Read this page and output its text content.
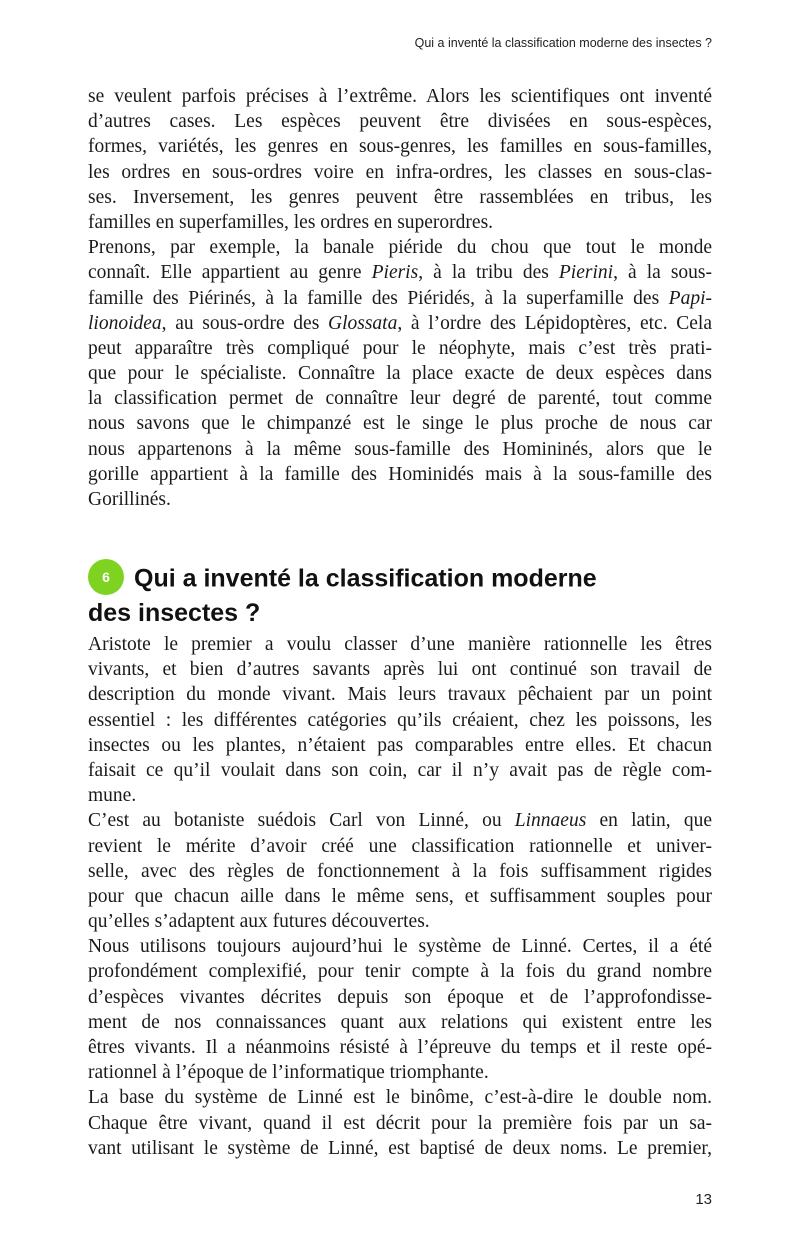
Qui a inventé la classification moderne des insectes ?
se veulent parfois précises à l’extrême. Alors les scientifiques ont inventé
d’autres cases. Les espèces peuvent être divisées en sous-espèces,
formes, variétés, les genres en sous-genres, les familles en sous-familles,
les ordres en sous-ordres voire en infra-ordres, les classes en sous-clas-
ses. Inversement, les genres peuvent être rassemblées en tribus, les
familles en superfamilles, les ordres en superordres.
Prenons, par exemple, la banale piéride du chou que tout le monde
connaît. Elle appartient au genre Pieris, à la tribu des Pierini, à la sous-
famille des Piérinés, à la famille des Piéridés, à la superfamille des Papi-
lionoidea, au sous-ordre des Glossata, à l’ordre des Lépidoptères, etc. Cela
peut apparaître très compliqué pour le néophyte, mais c’est très prati-
que pour le spécialiste. Connaître la place exacte de deux espèces dans
la classification permet de connaître leur degré de parenté, tout comme
nous savons que le chimpanzé est le singe le plus proche de nous car
nous appartenons à la même sous-famille des Homininés, alors que le
gorille appartient à la famille des Hominidés mais à la sous-famille des
Gorillinés.
6 Qui a inventé la classification moderne
des insectes ?
Aristote le premier a voulu classer d’une manière rationnelle les êtres
vivants, et bien d’autres savants après lui ont continué son travail de
description du monde vivant. Mais leurs travaux pêchaient par un point
essentiel : les différentes catégories qu’ils créaient, chez les poissons, les
insectes ou les plantes, n’étaient pas comparables entre elles. Et chacun
faisait ce qu’il voulait dans son coin, car il n’y avait pas de règle com-
mune.
C’est au botaniste suédois Carl von Linné, ou Linnaeus en latin, que
revient le mérite d’avoir créé une classification rationnelle et univer-
selle, avec des règles de fonctionnement à la fois suffisamment rigides
pour que chacun aille dans le même sens, et suffisamment souples pour
qu’elles s’adaptent aux futures découvertes.
Nous utilisons toujours aujourd’hui le système de Linné. Certes, il a été
profondément complexifié, pour tenir compte à la fois du grand nombre
d’espèces vivantes décrites depuis son époque et de l’approfondisse-
ment de nos connaissances quant aux relations qui existent entre les
êtres vivants. Il a néanmoins résisté à l’épreuve du temps et il reste opé-
rationnel à l’époque de l’informatique triomphante.
La base du système de Linné est le binôme, c’est-à-dire le double nom.
Chaque être vivant, quand il est décrit pour la première fois par un sa-
vant utilisant le système de Linné, est baptisé de deux noms. Le premier,
13
